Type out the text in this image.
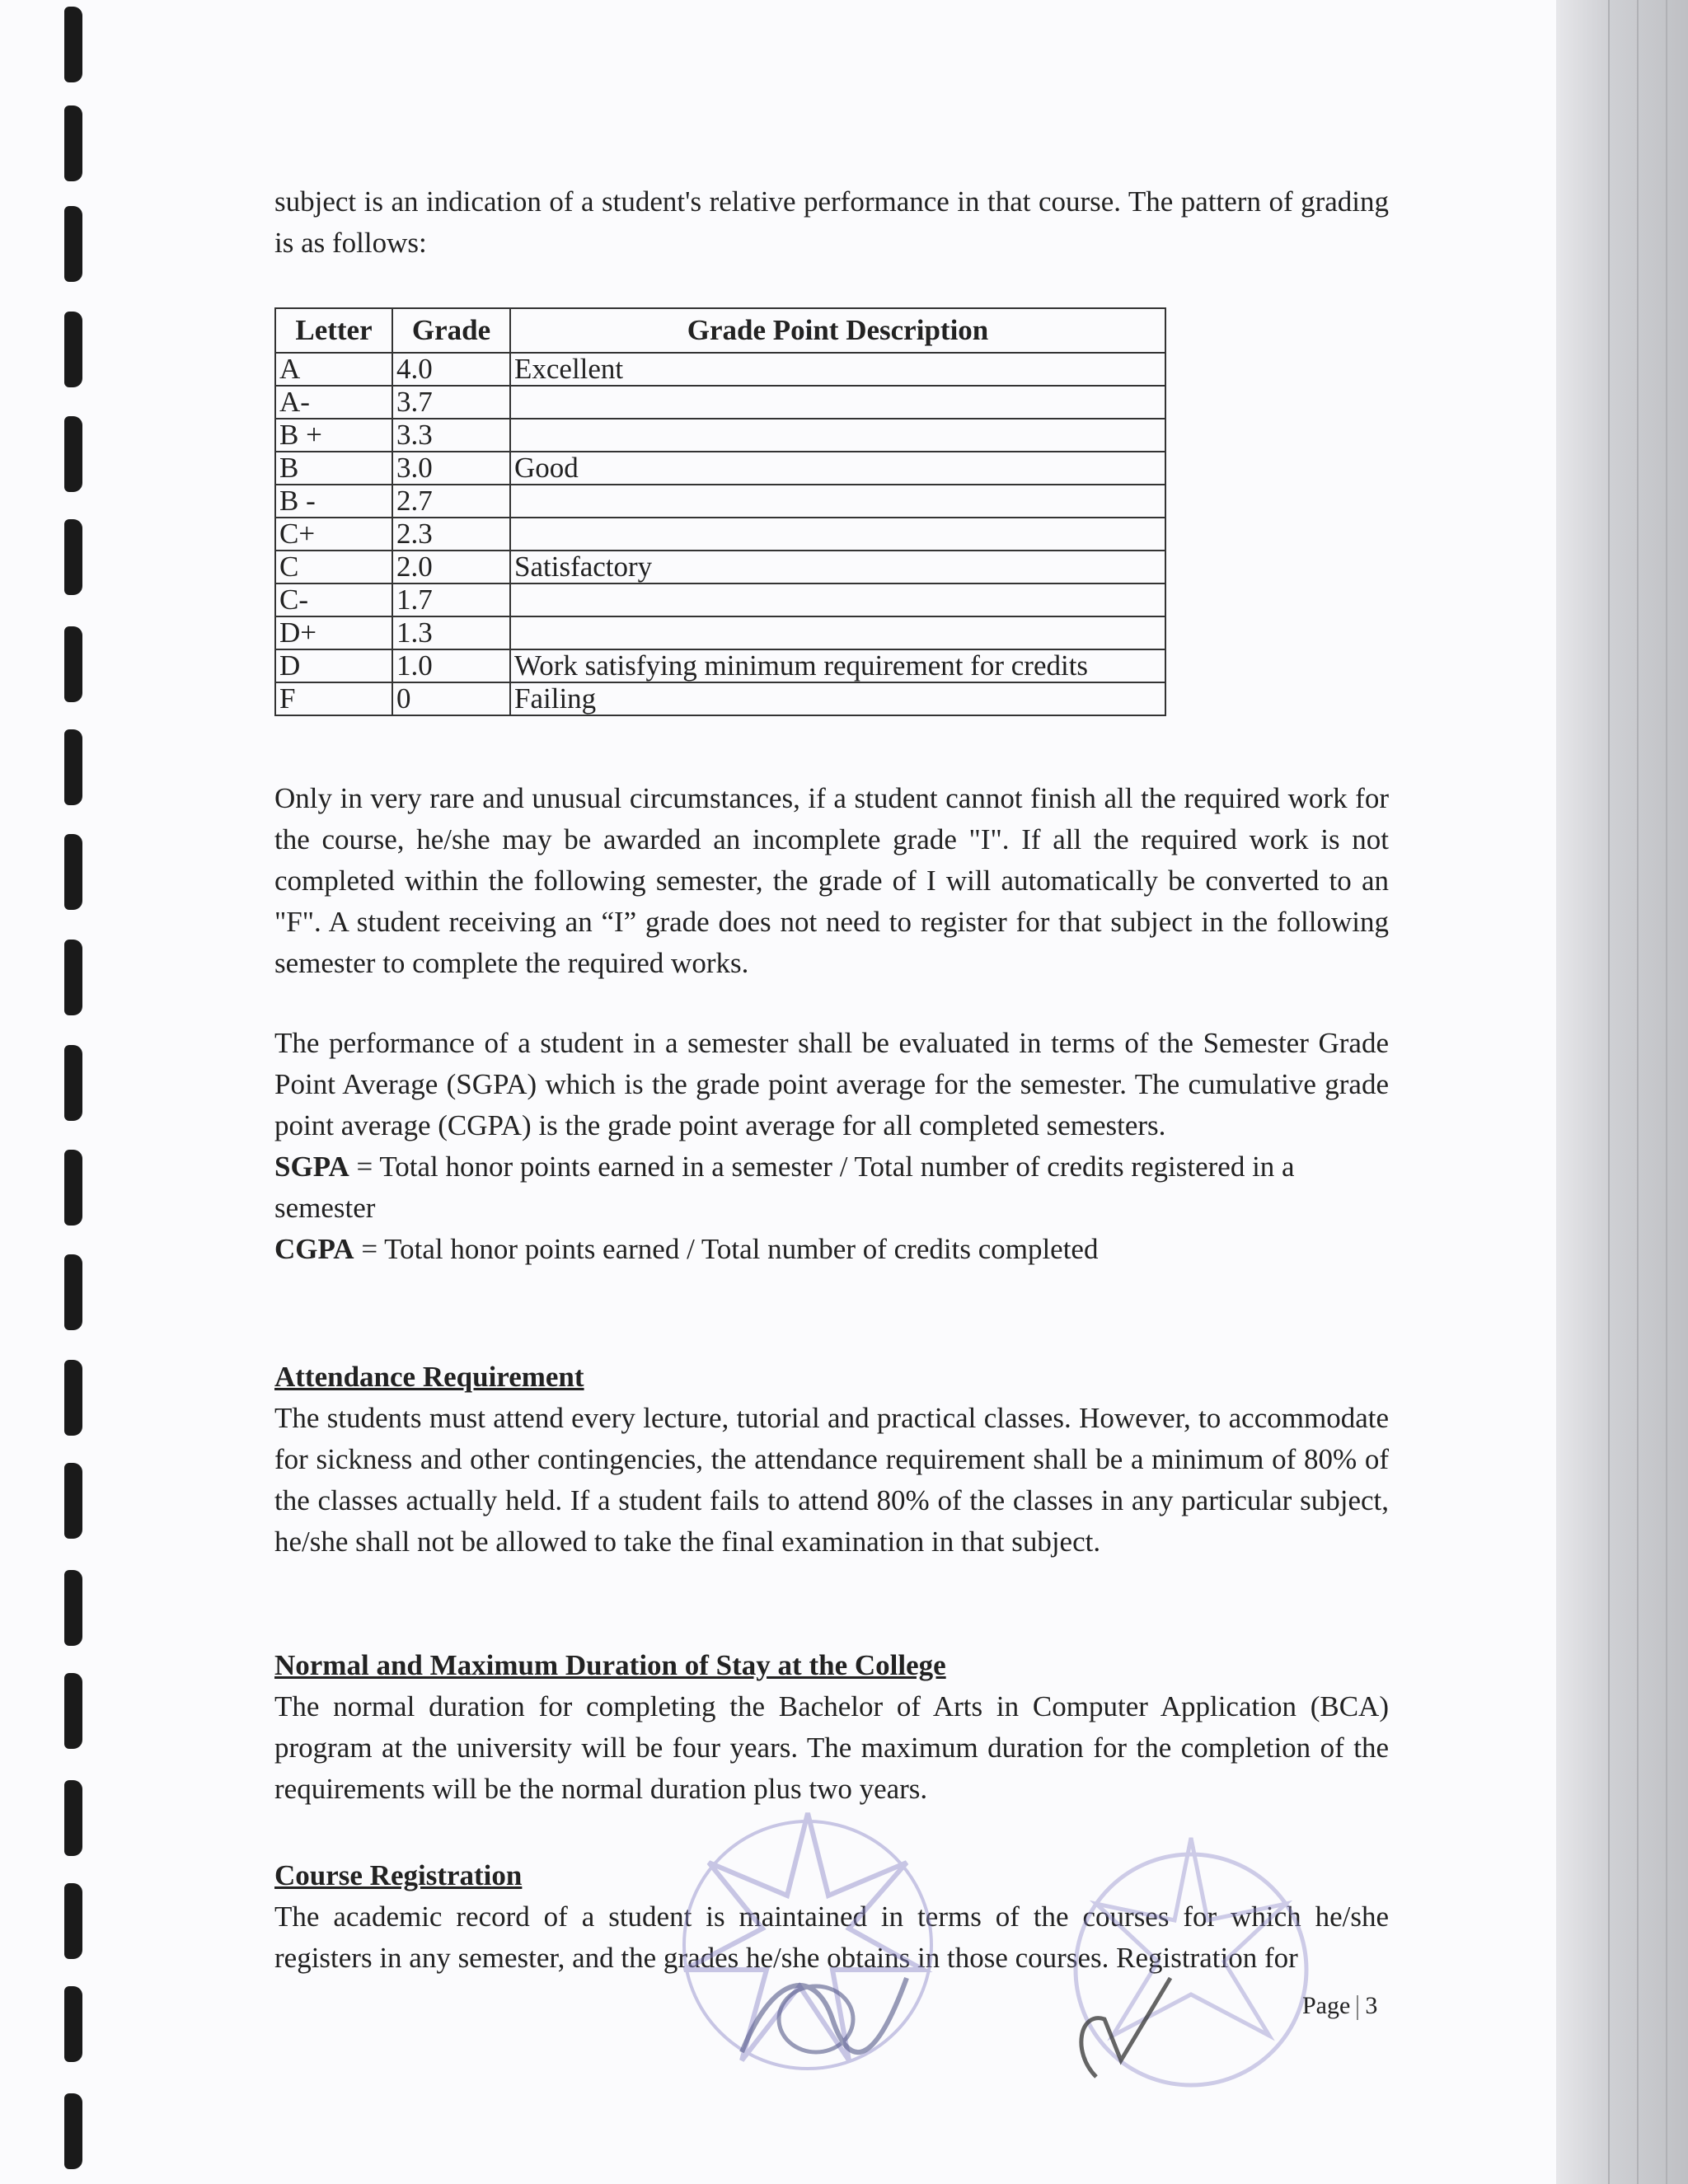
subject is an indication of a student's relative performance in that course. The pattern of grading is as follows:

Letter	Grade	Grade Point Description
A	4.0	Excellent
A-	3.7	
B +	3.3	
B	3.0	Good
B -	2.7	
C+	2.3	
C	2.0	Satisfactory
C-	1.7	
D+	1.3	
D	1.0	Work satisfying minimum requirement for credits
F	0	Failing

Only in very rare and unusual circumstances, if a student cannot finish all the required work for the course, he/she may be awarded an incomplete grade "I". If all the required work is not completed within the following semester, the grade of I will automatically be converted to an "F". A student receiving an “I” grade does not need to register for that subject in the following semester to complete the required works.

The performance of a student in a semester shall be evaluated in terms of the Semester Grade Point Average (SGPA) which is the grade point average for the semester. The cumulative grade point average (CGPA) is the grade point average for all completed semesters.

SGPA = Total honor points earned in a semester / Total number of credits registered in a semester

CGPA = Total honor points earned / Total number of credits completed

Attendance Requirement

The students must attend every lecture, tutorial and practical classes. However, to accommodate for sickness and other contingencies, the attendance requirement shall be a minimum of 80% of the classes actually held. If a student fails to attend 80% of the classes in any particular subject, he/she shall not be allowed to take the final examination in that subject.

Normal and Maximum Duration of Stay at the College

The normal duration for completing the Bachelor of Arts in Computer Application (BCA) program at the university will be four years. The maximum duration for the completion of the requirements will be the normal duration plus two years.

Course Registration

The academic record of a student is maintained in terms of the courses for which he/she registers in any semester, and the grades he/she obtains in those courses. Registration for

Page 3
